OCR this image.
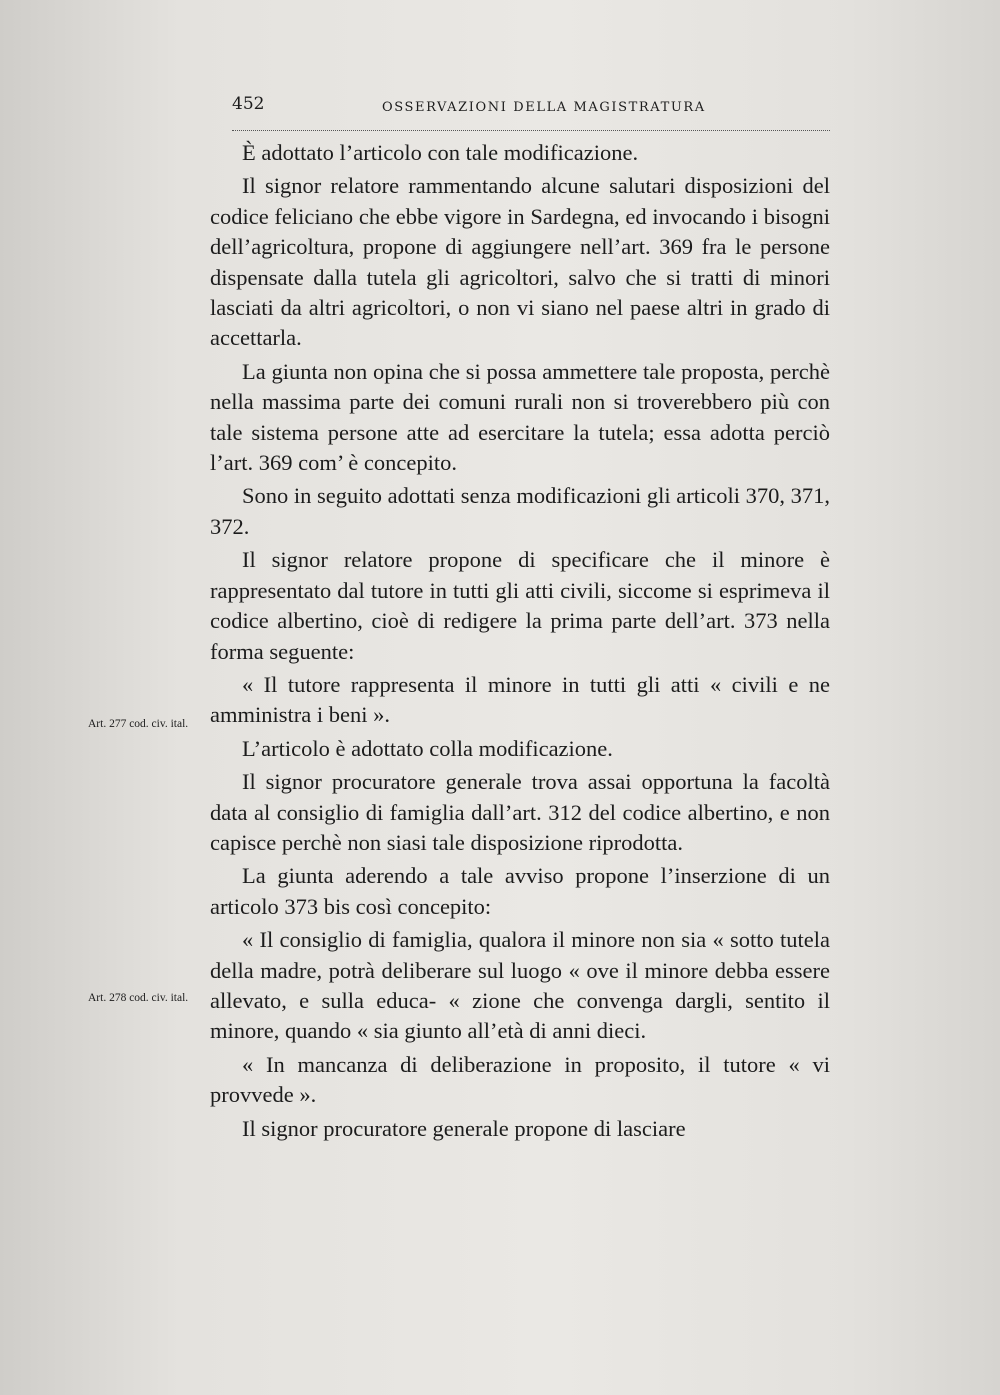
452	OSSERVAZIONI DELLA MAGISTRATURA
Art. 277 cod. civ. ital.
Art. 278 cod. civ. ital.

È adottato l’articolo con tale modificazione.

Il signor relatore rammentando alcune salutari disposizioni del codice feliciano che ebbe vigore in Sardegna, ed invocando i bisogni dell’agricoltura, propone di aggiungere nell’art. 369 fra le persone dispensate dalla tutela gli agricoltori, salvo che si tratti di minori lasciati da altri agricoltori, o non vi siano nel paese altri in grado di accettarla.

La giunta non opina che si possa ammettere tale proposta, perchè nella massima parte dei comuni rurali non si troverebbero più con tale sistema persone atte ad esercitare la tutela; essa adotta perciò l’art. 369 com’ è concepito.

Sono in seguito adottati senza modificazioni gli articoli 370, 371, 372.

Il signor relatore propone di specificare che il minore è rappresentato dal tutore in tutti gli atti civili, siccome si esprimeva il codice albertino, cioè di redigere la prima parte dell’art. 373 nella forma seguente:

« Il tutore rappresenta il minore in tutti gli atti « civili e ne amministra i beni ».

L’articolo è adottato colla modificazione.

Il signor procuratore generale trova assai opportuna la facoltà data al consiglio di famiglia dall’art. 312 del codice albertino, e non capisce perchè non siasi tale disposizione riprodotta.

La giunta aderendo a tale avviso propone l’inserzione di un articolo 373 bis così concepito:

« Il consiglio di famiglia, qualora il minore non sia « sotto tutela della madre, potrà deliberare sul luogo « ove il minore debba essere allevato, e sulla educa- « zione che convenga dargli, sentito il minore, quando « sia giunto all’età di anni dieci.

« In mancanza di deliberazione in proposito, il tutore « vi provvede ».

Il signor procuratore generale propone di lasciare
